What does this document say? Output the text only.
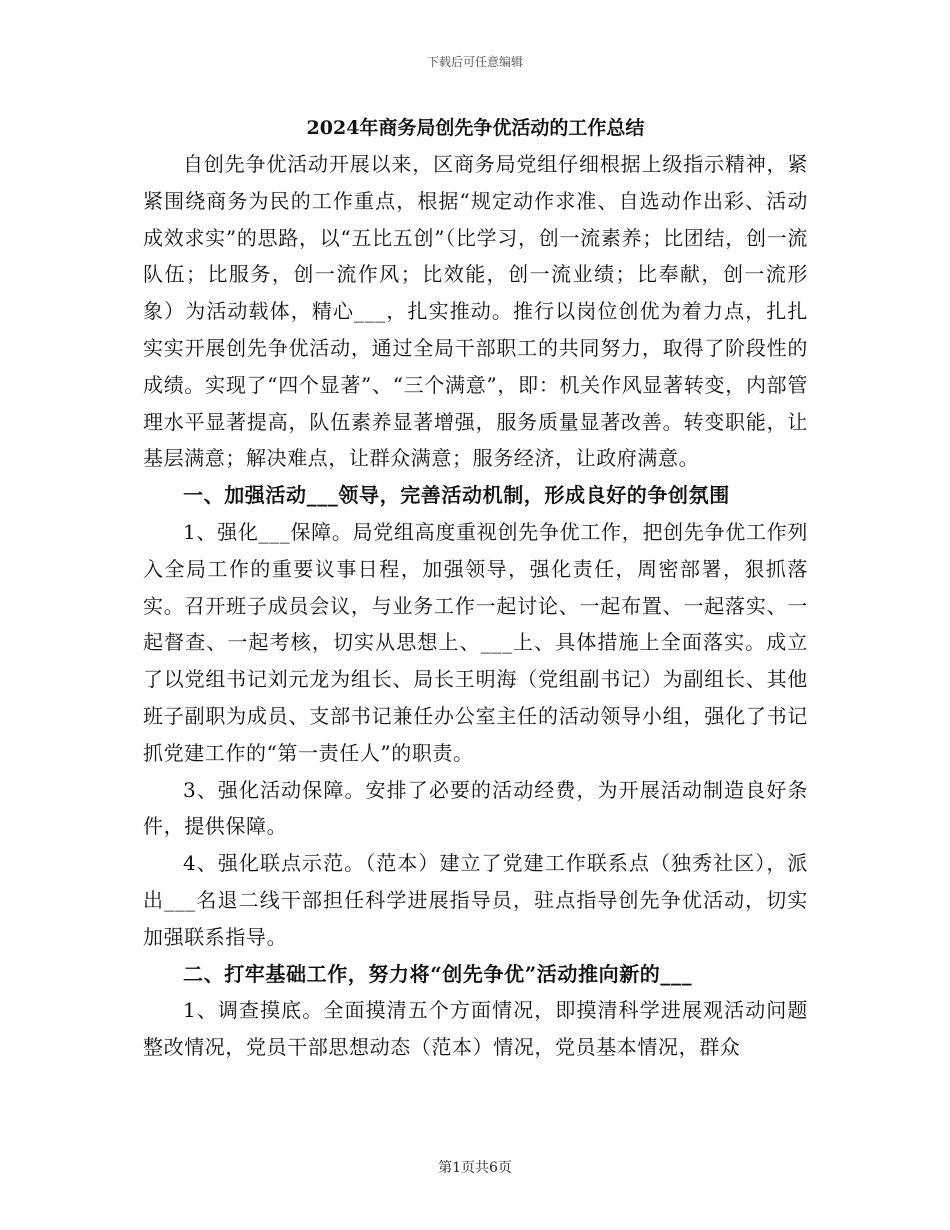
下载后可任意编辑
2024年商务局创先争优活动的工作总结

自创先争优活动开展以来，区商务局党组仔细根据上级指示精神，紧紧围绕商务为民的工作重点，根据“规定动作求准、自选动作出彩、活动成效求实”的思路，以“五比五创”（比学习，创一流素养；比团结，创一流队伍；比服务，创一流作风；比效能，创一流业绩；比奉献，创一流形象）为活动载体，精心___，扎实推动。推行以岗位创优为着力点，扎扎实实开展创先争优活动，通过全局干部职工的共同努力，取得了阶段性的成绩。实现了“四个显著”、“三个满意”，即：机关作风显著转变，内部管理水平显著提高，队伍素养显著增强，服务质量显著改善。转变职能，让基层满意；解决难点，让群众满意；服务经济，让政府满意。

一、加强活动___领导，完善活动机制，形成良好的争创氛围

1、强化___保障。局党组高度重视创先争优工作，把创先争优工作列入全局工作的重要议事日程，加强领导，强化责任，周密部署，狠抓落实。召开班子成员会议，与业务工作一起讨论、一起布置、一起落实、一起督查、一起考核，切实从思想上、___上、具体措施上全面落实。成立了以党组书记刘元龙为组长、局长王明海（党组副书记）为副组长、其他班子副职为成员、支部书记兼任办公室主任的活动领导小组，强化了书记抓党建工作的“第一责任人”的职责。

3、强化活动保障。安排了必要的活动经费，为开展活动制造良好条件，提供保障。

4、强化联点示范。（范本）建立了党建工作联系点（独秀社区），派出___名退二线干部担任科学进展指导员，驻点指导创先争优活动，切实加强联系指导。

二、打牢基础工作，努力将“创先争优”活动推向新的___

1、调查摸底。全面摸清五个方面情况，即摸清科学进展观活动问题整改情况，党员干部思想动态（范本）情况，党员基本情况，群众

第1页共6页
